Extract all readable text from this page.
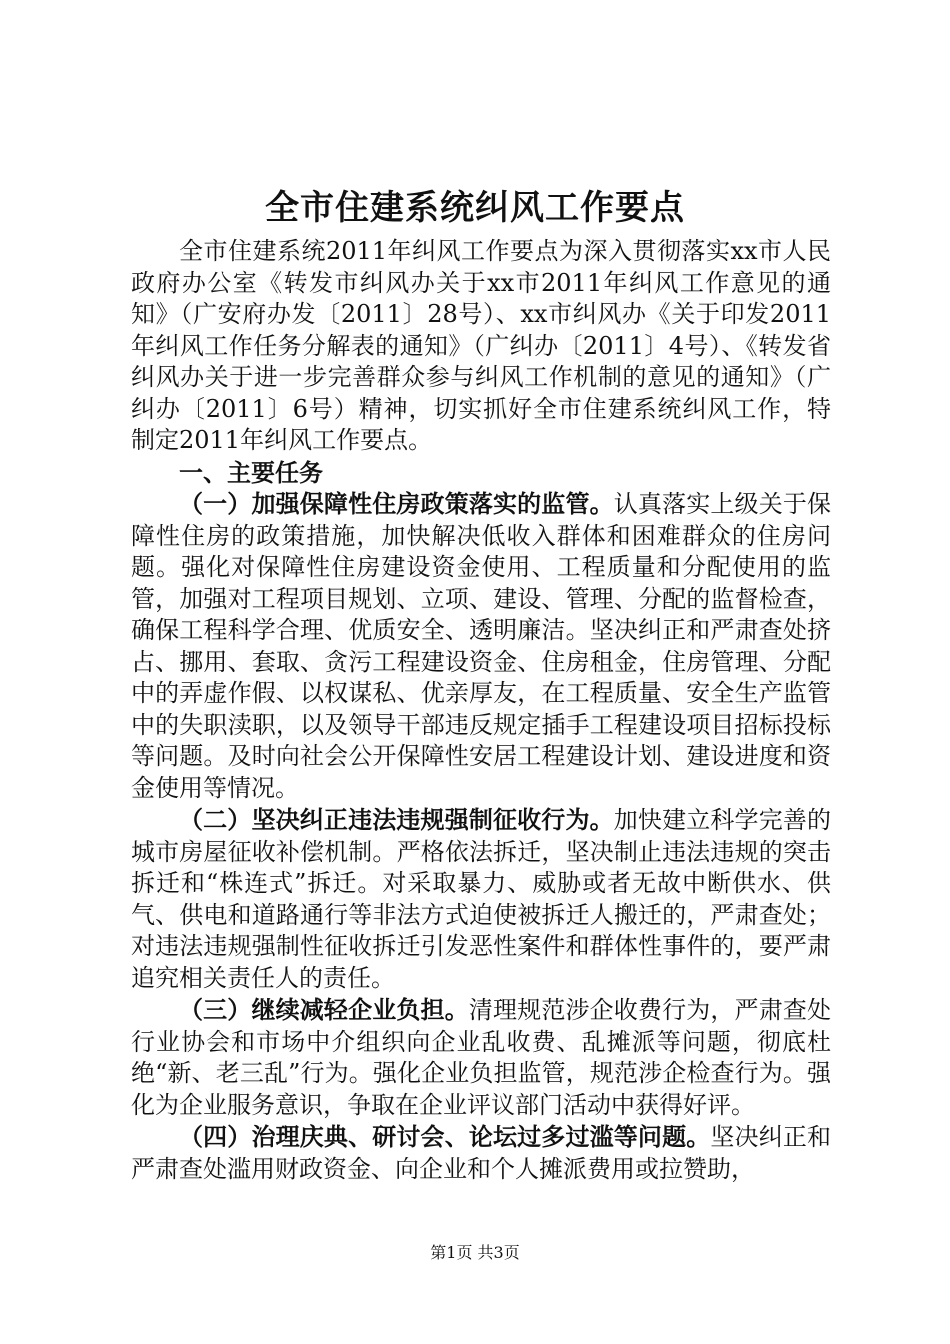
全市住建系统纠风工作要点

全市住建系统2011年纠风工作要点为深入贯彻落实xx市人民政府办公室《转发市纠风办关于xx市2011年纠风工作意见的通知》（广安府办发〔2011〕28号）、xx市纠风办《关于印发2011年纠风工作任务分解表的通知》（广纠办〔2011〕4号）、《转发省纠风办关于进一步完善群众参与纠风工作机制的意见的通知》（广纠办〔2011〕6号）精神，切实抓好全市住建系统纠风工作，特制定2011年纠风工作要点。

一、主要任务

（一）加强保障性住房政策落实的监管。认真落实上级关于保障性住房的政策措施，加快解决低收入群体和困难群众的住房问题。强化对保障性住房建设资金使用、工程质量和分配使用的监管，加强对工程项目规划、立项、建设、管理、分配的监督检查，确保工程科学合理、优质安全、透明廉洁。坚决纠正和严肃查处挤占、挪用、套取、贪污工程建设资金、住房租金，住房管理、分配中的弄虚作假、以权谋私、优亲厚友，在工程质量、安全生产监管中的失职渎职，以及领导干部违反规定插手工程建设项目招标投标等问题。及时向社会公开保障性安居工程建设计划、建设进度和资金使用等情况。

（二）坚决纠正违法违规强制征收行为。加快建立科学完善的城市房屋征收补偿机制。严格依法拆迁，坚决制止违法违规的突击拆迁和“株连式”拆迁。对采取暴力、威胁或者无故中断供水、供气、供电和道路通行等非法方式迫使被拆迁人搬迁的，严肃查处；对违法违规强制性征收拆迁引发恶性案件和群体性事件的，要严肃追究相关责任人的责任。

（三）继续减轻企业负担。清理规范涉企收费行为，严肃查处行业协会和市场中介组织向企业乱收费、乱摊派等问题，彻底杜绝“新、老三乱”行为。强化企业负担监管，规范涉企检查行为。强化为企业服务意识，争取在企业评议部门活动中获得好评。

（四）治理庆典、研讨会、论坛过多过滥等问题。坚决纠正和严肃查处滥用财政资金、向企业和个人摊派费用或拉赞助，

第1页 共3页
